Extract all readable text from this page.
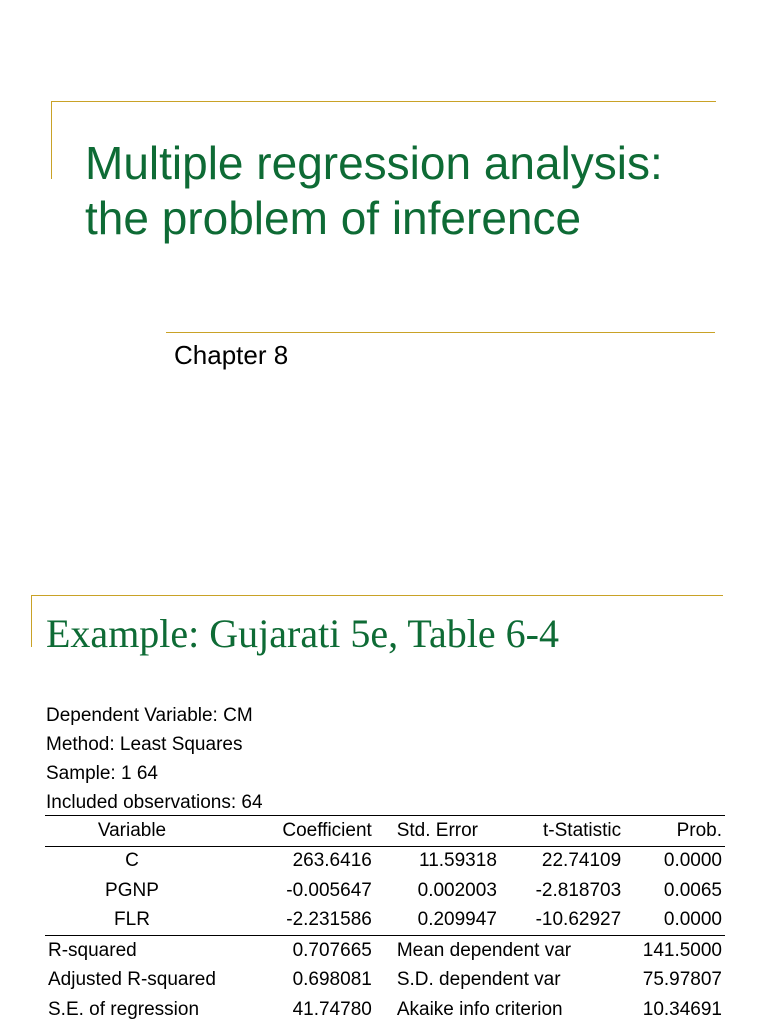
Multiple regression analysis: the problem of inference
Chapter 8
Example: Gujarati 5e, Table 6-4
Dependent Variable: CM
Method: Least Squares
Sample: 1 64
Included observations: 64
Variable	Coefficient	Std. Error	t-Statistic	Prob.
C	263.6416	11.59318	22.74109	0.0000
PGNP	-0.005647	0.002003	-2.818703	0.0065
FLR	-2.231586	0.209947	-10.62927	0.0000
R-squared	0.707665	Mean dependent var		141.5000
Adjusted R-squared	0.698081	S.D. dependent var		75.97807
S.E. of regression	41.74780	Akaike info criterion		10.34691
